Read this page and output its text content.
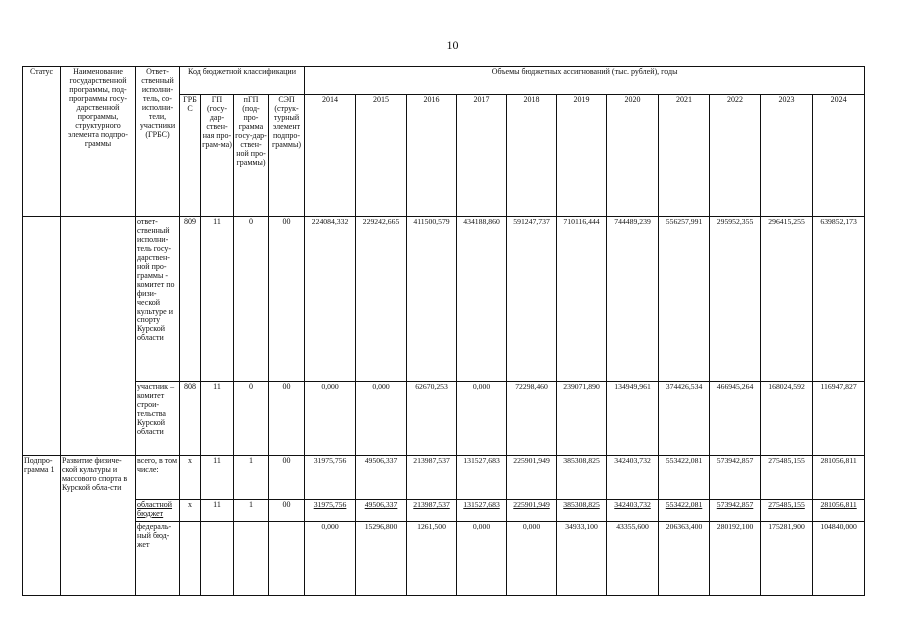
10
Статус	Наименование государственной программы, под-программы госу-дарственной программы, структурного элемента подпро-граммы	Ответ-ственный исполни-тель, со-исполни-тели, участники (ГРБС)	Код бюджетной классификации				Объемы бюджетных ассигнований (тыс. рублей), годы										
			ГРБ С	ГП (госу-дар-ствен-ная про-грам-ма)	пГП (под-про-грамма госу-дар-ствен-ной про-граммы)	СЭП (струк-турный элемент подпро-граммы)	2014	2015	2016	2017	2018	2019	2020	2021	2022	2023	2024
		ответ-ственный исполни-тель госу-дарствен-ной про-граммы - комитет по физи-ческой культуре и спорту Курской области	809	11	0	00	224084,332	229242,665	411500,579	434188,860	591247,737	710116,444	744489,239	556257,991	295952,355	296415,255	639852,173
		участник – комитет строи-тельства Курской области	808	11	0	00	0,000	0,000	62670,253	0,000	72298,460	239071,890	134949,961	374426,534	466945,264	168024,592	116947,827
Подпро-грамма 1	Развитие физиче-ской культуры и массового спорта в Курской обла-сти	всего, в том числе:	х	11	1	00	31975,756	49506,337	213987,537	131527,683	225901,949	385308,825	342403,732	553422,081	573942,857	275485,155	281056,811
		областной бюджет	х	11	1	00	31975,756	49506,337	213987,537	131527,683	225901,949	385308,825	342403,732	553422,081	573942,857	275485,155	281056,811
		федераль-ный бюд-жет					0,000	15296,800	1261,500	0,000	0,000	34933,100	43355,600	206363,400	280192,100	175281,900	104840,000
